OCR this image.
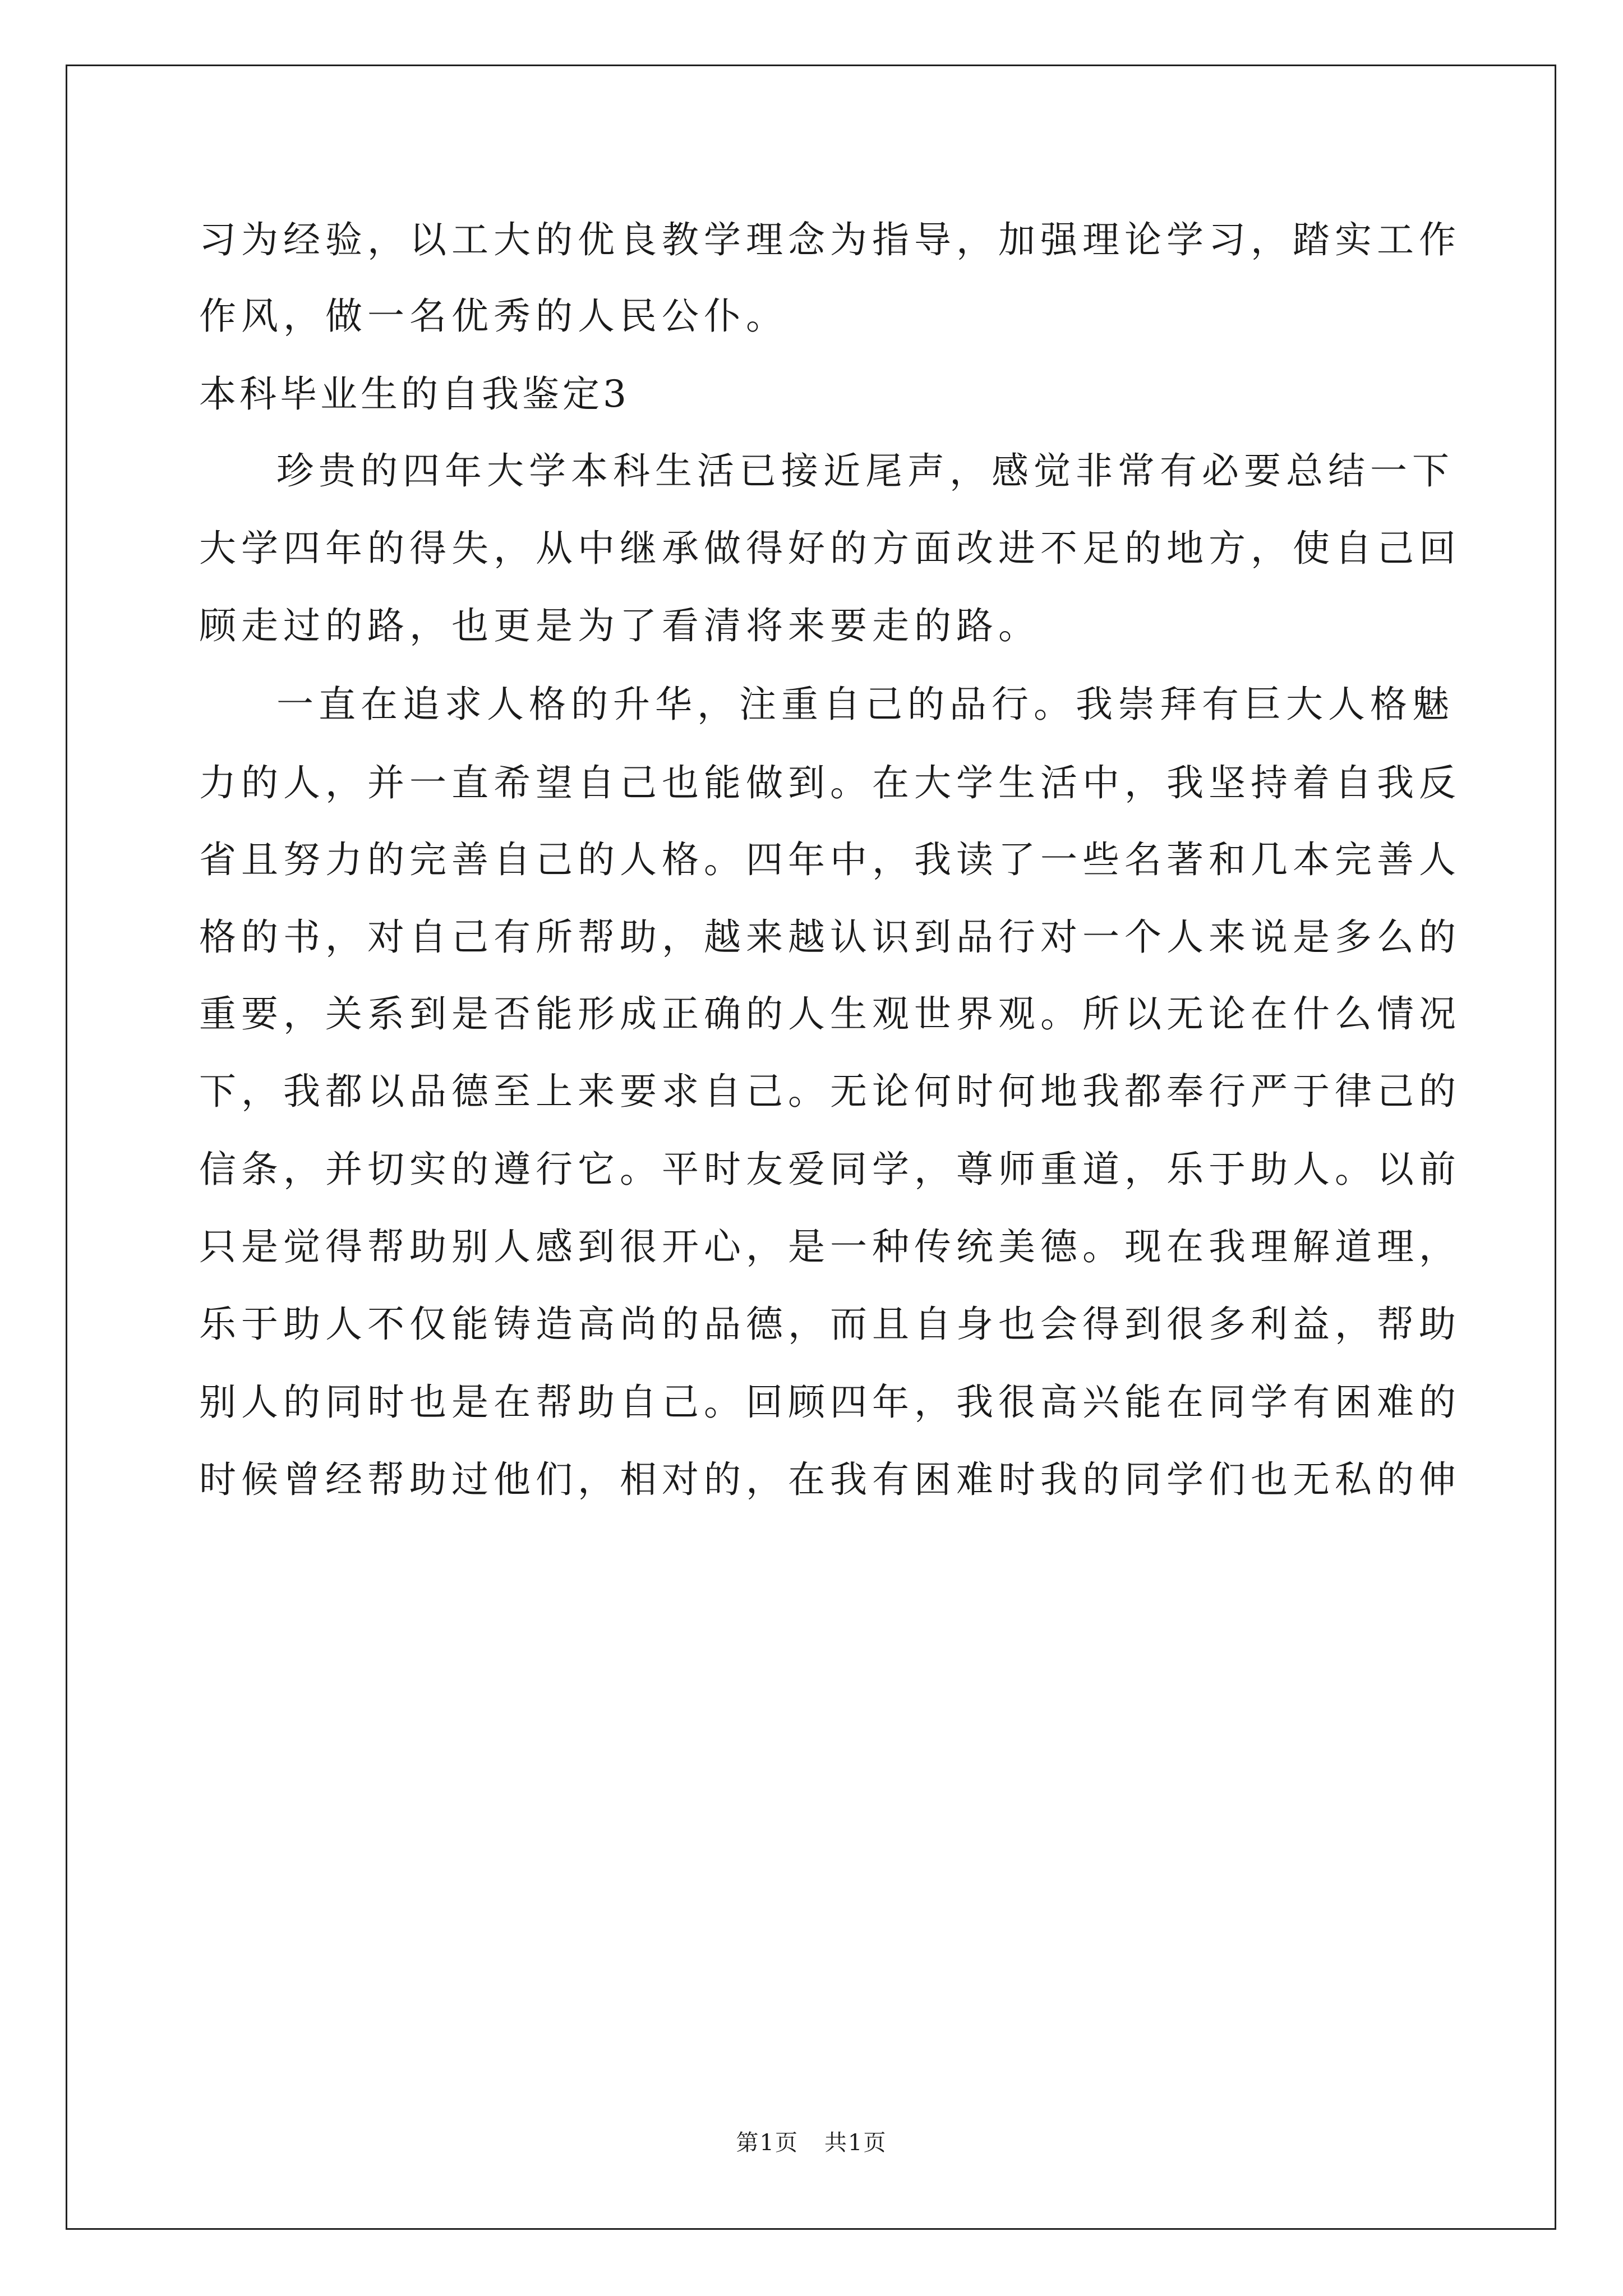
习为经验，以工大的优良教学理念为指导，加强理论学习，踏实工作
作风，做一名优秀的人民公仆。
本科毕业生的自我鉴定3
珍贵的四年大学本科生活已接近尾声，感觉非常有必要总结一下
大学四年的得失，从中继承做得好的方面改进不足的地方，使自己回
顾走过的路，也更是为了看清将来要走的路。
一直在追求人格的升华，注重自己的品行。我崇拜有巨大人格魅
力的人，并一直希望自己也能做到。在大学生活中，我坚持着自我反
省且努力的完善自己的人格。四年中，我读了一些名著和几本完善人
格的书，对自己有所帮助，越来越认识到品行对一个人来说是多么的
重要，关系到是否能形成正确的人生观世界观。所以无论在什么情况
下，我都以品德至上来要求自己。无论何时何地我都奉行严于律己的
信条，并切实的遵行它。平时友爱同学，尊师重道，乐于助人。以前
只是觉得帮助别人感到很开心，是一种传统美德。现在我理解道理，
乐于助人不仅能铸造高尚的品德，而且自身也会得到很多利益，帮助
别人的同时也是在帮助自己。回顾四年，我很高兴能在同学有困难的
时候曾经帮助过他们，相对的，在我有困难时我的同学们也无私的伸
第1页 共1页
